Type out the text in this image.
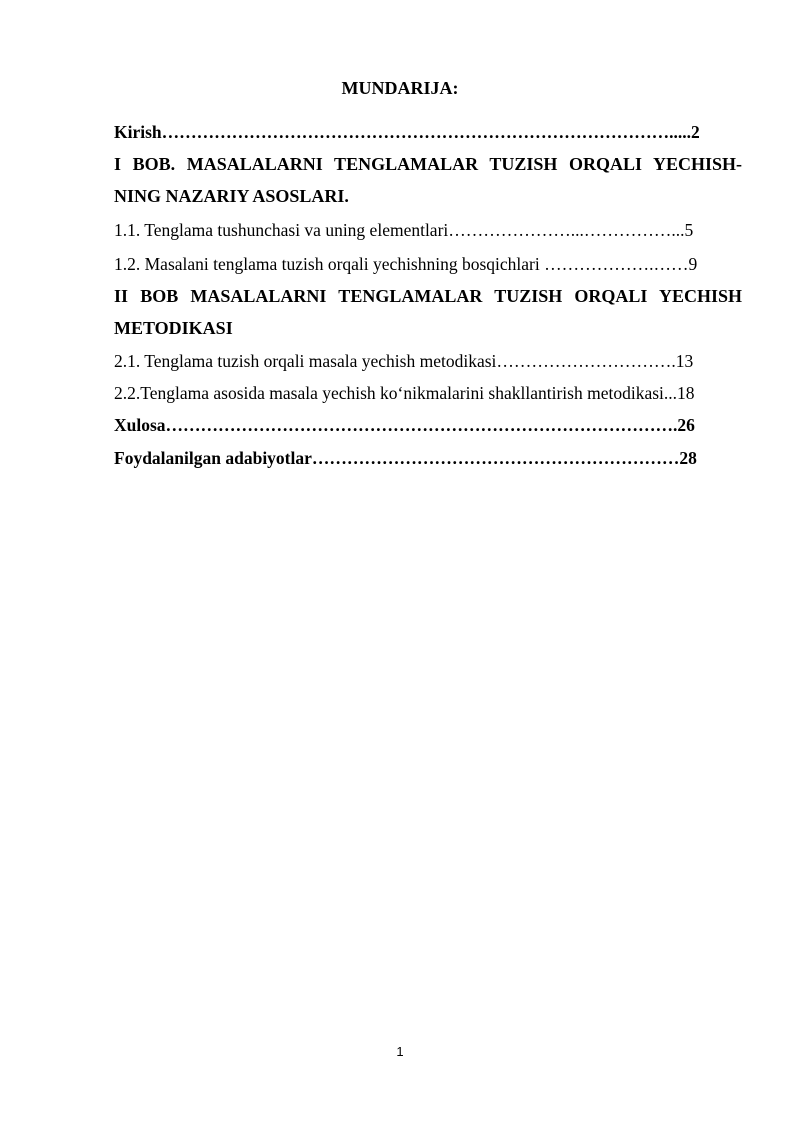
MUNDARIJA:
Kirish…………………………………………………………………………….....2
I BOB. MASALALARNI TENGLAMALAR TUZISH ORQALI YECHISH-
NING NAZARIY ASOSLARI.
1.1. Tenglama tushunchasi va uning elementlari…………………...……………...5
1.2. Masalani tenglama tuzish orqali yechishning bosqichlari ……………….……9
II BOB MASALALARNI TENGLAMALAR TUZISH ORQALI YECHISH
METODIKASI
2.1. Tenglama tuzish orqali masala yechish metodikasi………………………….13
2.2.Tenglama asosida masala yechish ko‘nikmalarini shakllantirish metodikasi...18
Xulosa…………………………………………………………………………….26
Foydalanilgan adabiyotlar………………………………………………………28
1
